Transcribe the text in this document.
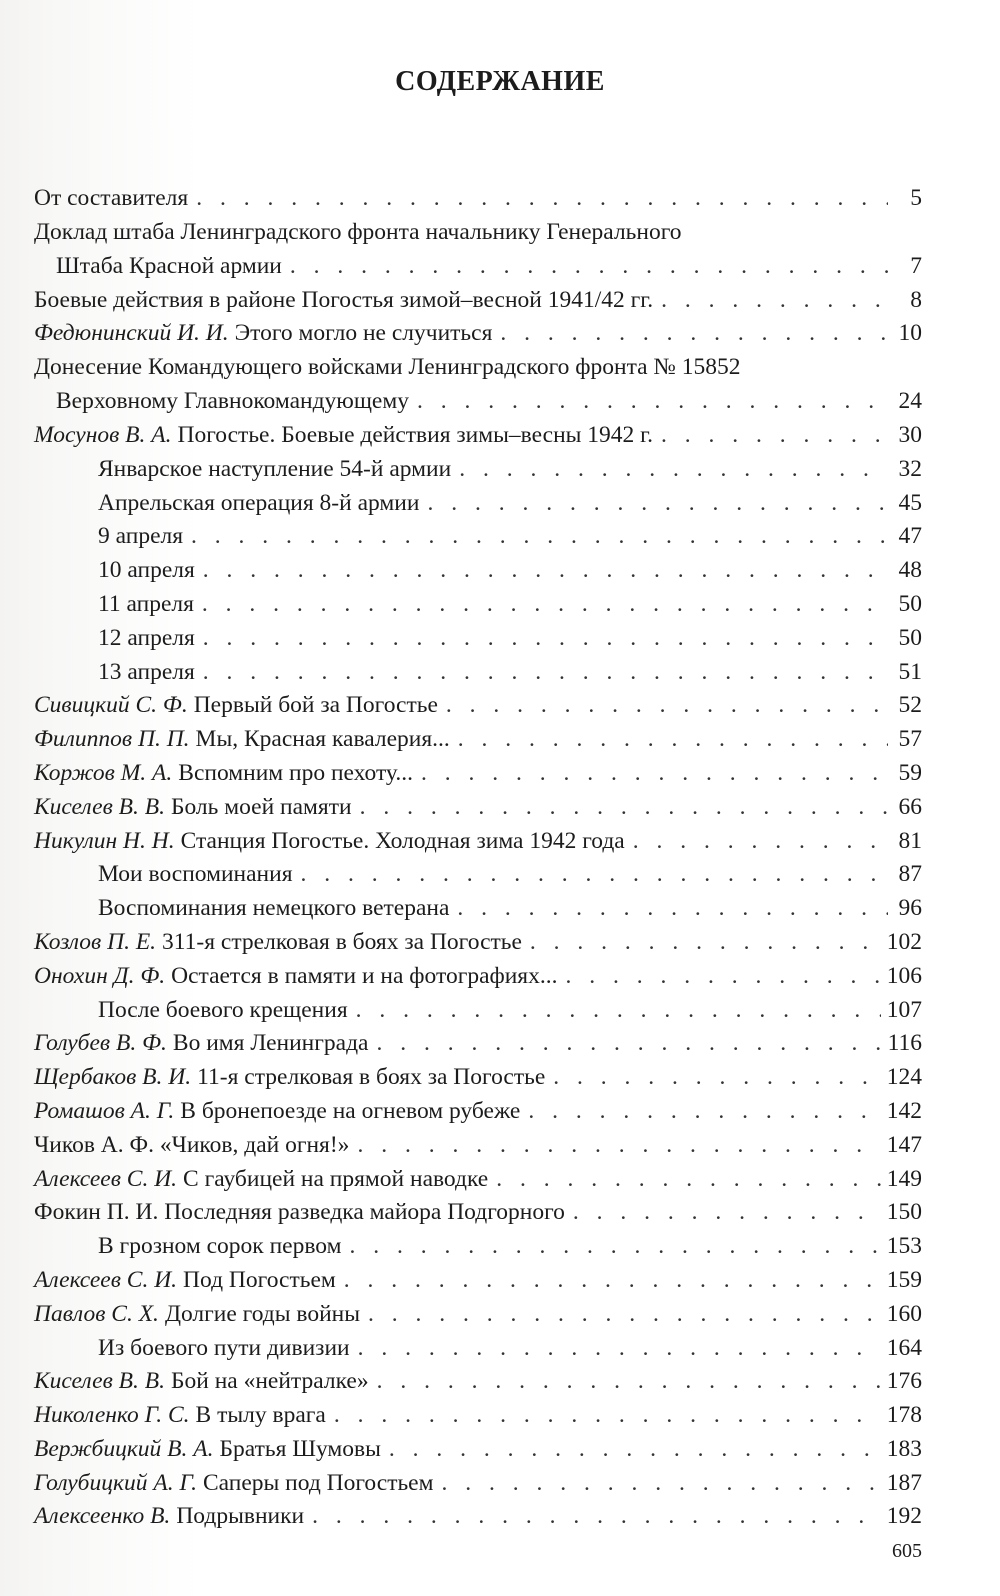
СОДЕРЖАНИЕ
От составителя . . .	5
Доклад штаба Ленинградского фронта начальнику Генерального
Штаба Красной армии . . .	7
Боевые действия в районе Погостья зимой–весной 1941/42 гг. . . .	8
Федюнинский И. И. Этого могло не случиться . . .	10
Донесение Командующего войсками Ленинградского фронта № 15852
Верховному Главнокомандующему . . .	24
Мосунов В. А. Погостье. Боевые действия зимы–весны 1942 г. . . .	30
Январское наступление 54-й армии . . .	32
Апрельская операция 8-й армии . . .	45
9 апреля . . .	47
10 апреля . . .	48
11 апреля . . .	50
12 апреля . . .	50
13 апреля . . .	51
Сивицкий С. Ф. Первый бой за Погостье . . .	52
Филиппов П. П. Мы, Красная кавалерия... . . .	57
Коржов М. А. Вспомним про пехоту... . . .	59
Киселев В. В. Боль моей памяти . . .	66
Никулин Н. Н. Станция Погостье. Холодная зима 1942 года . . .	81
Мои воспоминания . . .	87
Воспоминания немецкого ветерана . . .	96
Козлов П. Е. 311-я стрелковая в боях за Погостье . . .	102
Онохин Д. Ф. Остается в памяти и на фотографиях... . . .	106
После боевого крещения . . .	107
Голубев В. Ф. Во имя Ленинграда . . .	116
Щербаков В. И. 11-я стрелковая в боях за Погостье . . .	124
Ромашов А. Г. В бронепоезде на огневом рубеже . . .	142
Чиков А. Ф. «Чиков, дай огня!» . . .	147
Алексеев С. И. С гаубицей на прямой наводке . . .	149
Фокин П. И. Последняя разведка майора Подгорного . . .	150
В грозном сорок первом . . .	153
Алексеев С. И. Под Погостьем . . .	159
Павлов С. Х. Долгие годы войны . . .	160
Из боевого пути дивизии . . .	164
Киселев В. В. Бой на «нейтралке» . . .	176
Николенко Г. С. В тылу врага . . .	178
Вержбицкий В. А. Братья Шумовы . . .	183
Голубицкий А. Г. Саперы под Погостьем . . .	187
Алексеенко В. Подрывники . . .	192
605
